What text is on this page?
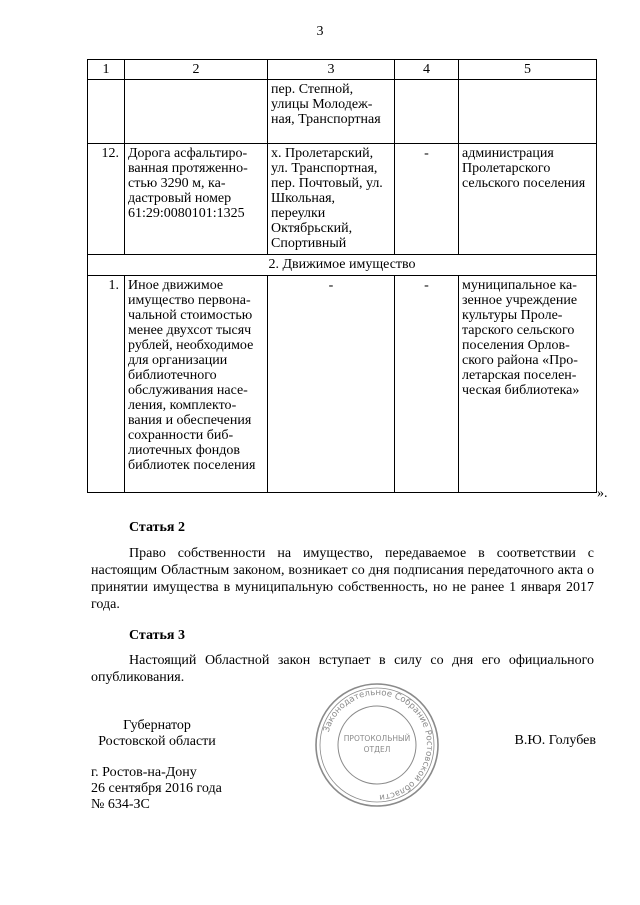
3
1	2	3	4	5
		пер. Степной, улицы Молодежная, Транспортная		
12.	Дорога асфальтированная протяженностью 3290 м, кадастровый номер 61:29:0080101:1325	х. Пролетарский, ул. Транспортная, пер. Почтовый, ул. Школьная, переулки Октябрьский, Спортивный	-	администрация Пролетарского сельского поселения
2. Движимое имущество				
1.	Иное движимое имущество первоначальной стоимостью менее двухсот тысяч рублей, необходимое для организации библиотечного обслуживания населения, комплектования и обеспечения сохранности библиотечных фондов библиотек поселения	-	-	муниципальное казенное учреждение культуры Пролетарского сельского поселения Орловского района «Пролетарская поселенческая библиотека»
».
Статья 2
Право собственности на имущество, передаваемое в соответствии с настоящим Областным законом, возникает со дня подписания передаточного акта о принятии имущества в муниципальную собственность, но не ранее 1 января 2017 года.
Статья 3
Настоящий Областной закон вступает в силу со дня его официального опубликования.
Губернатор
Ростовской области	В.Ю. Голубев
г. Ростов-на-Дону
26 сентября 2016 года
№ 634-ЗС
Законодательное Собрание Ростовской области
ПРОТОКОЛЬНЫЙ
ОТДЕЛ
